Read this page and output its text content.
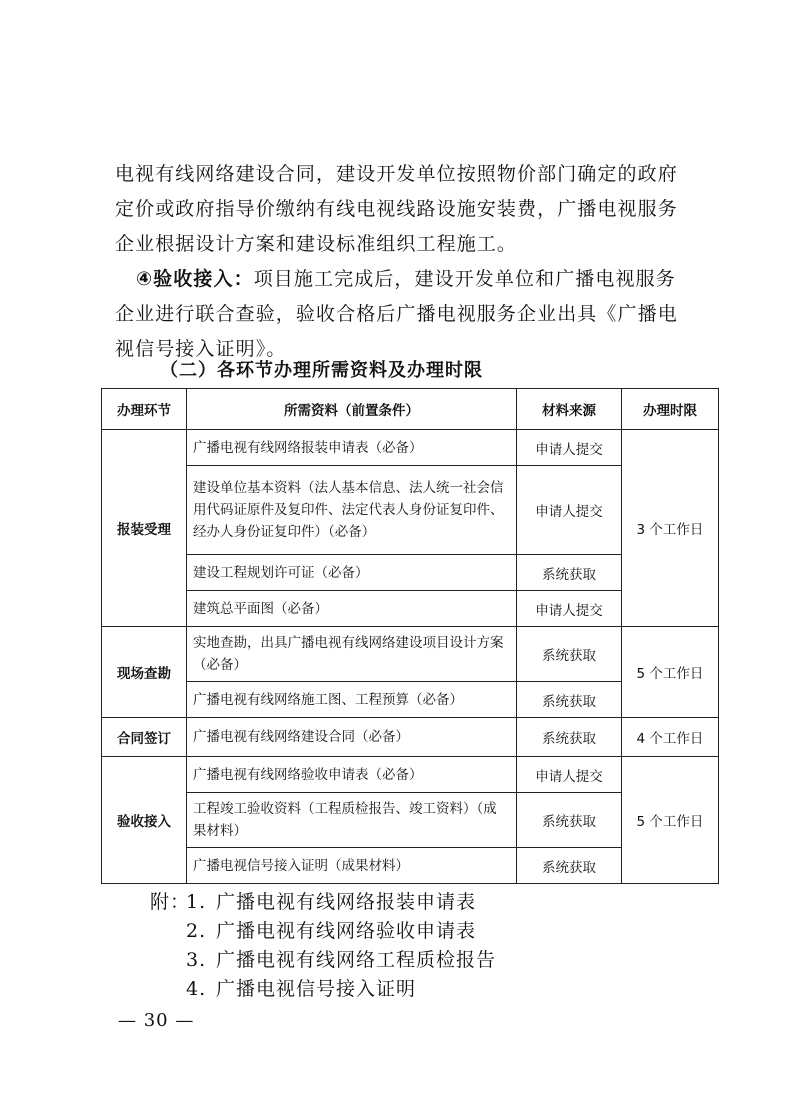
电视有线网络建设合同，建设开发单位按照物价部门确定的政府定价或政府指导价缴纳有线电视线路设施安装费，广播电视服务企业根据设计方案和建设标准组织工程施工。

④验收接入：项目施工完成后，建设开发单位和广播电视服务企业进行联合查验，验收合格后广播电视服务企业出具《广播电视信号接入证明》。

（二）各环节办理所需资料及办理时限
办理环节	所需资料（前置条件）	材料来源	办理时限
报装受理	广播电视有线网络报装申请表（必备）	申请人提交	3 个工作日
	建设单位基本资料（法人基本信息、法人统一社会信用代码证原件及复印件、法定代表人身份证复印件、经办人身份证复印件）（必备）	申请人提交	
	建设工程规划许可证（必备）	系统获取	
	建筑总平面图（必备）	申请人提交	
现场查勘	实地查勘，出具广播电视有线网络建设项目设计方案（必备）	系统获取	5 个工作日
	广播电视有线网络施工图、工程预算（必备）	系统获取	
合同签订	广播电视有线网络建设合同（必备）	系统获取	4 个工作日
验收接入	广播电视有线网络验收申请表（必备）	申请人提交	5 个工作日
	工程竣工验收资料（工程质检报告、竣工资料）（成果材料）	系统获取	
	广播电视信号接入证明（成果材料）	系统获取	
附：
1. 广播电视有线网络报装申请表
2. 广播电视有线网络验收申请表
3. 广播电视有线网络工程质检报告
4. 广播电视信号接入证明
— 30 —
